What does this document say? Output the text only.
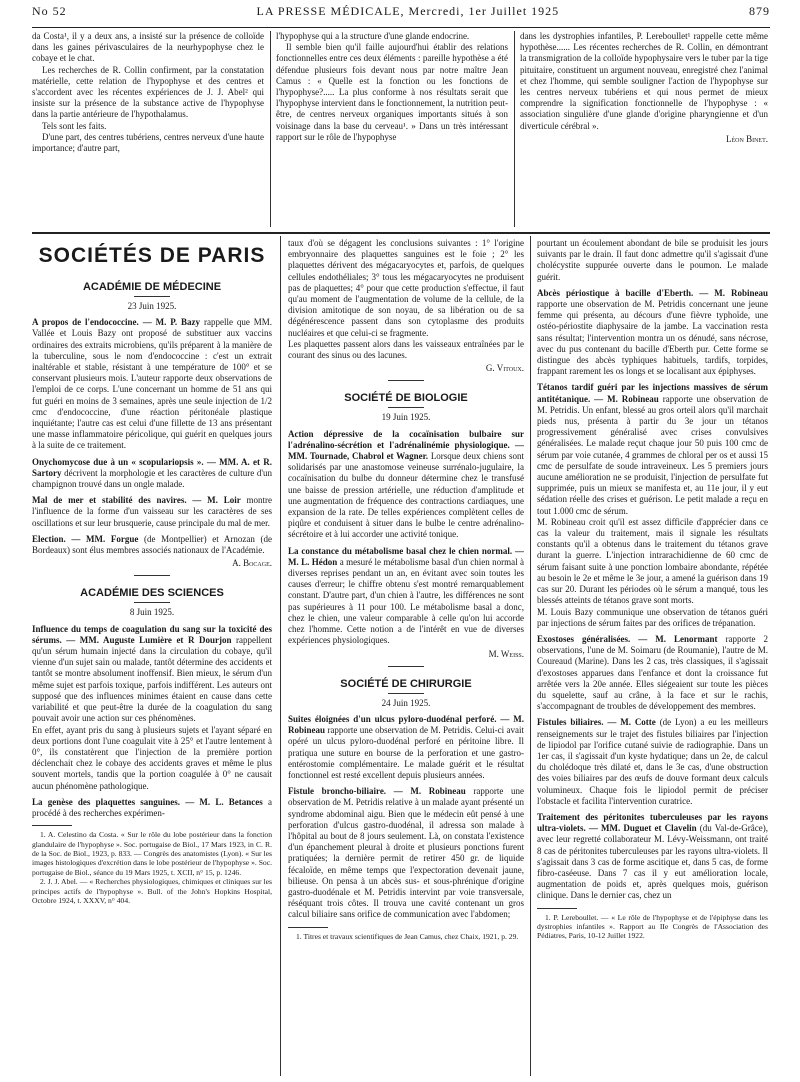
No 52	LA PRESSE MÉDICALE, Mercredi, 1er Juillet 1925	879

da Costa¹, il y a deux ans, a insisté sur la présence de colloïde dans les gaines périvasculaires de la neurhypophyse chez le cobaye et le chat.

Les recherches de R. Collin confirment, par la constatation matérielle, cette relation de l'hypophyse et des centres et s'accordent avec les récentes expériences de J. J. Abel² qui insiste sur la présence de la substance active de l'hypophyse dans la partie antérieure de l'hypothalamus.

Tels sont les faits.

D'une part, des centres tubériens, centres nerveux d'une haute importance; d'autre part,

l'hypophyse qui a la structure d'une glande endocrine.

Il semble bien qu'il faille aujourd'hui établir des relations fonctionnelles entre ces deux éléments : pareille hypothèse a été défendue plusieurs fois devant nous par notre maître Jean Camus : « Quelle est la fonction ou les fonctions de l'hypophyse?..... La plus conforme à nos résultats serait que l'hypophyse intervient dans le fonctionnement, la nutrition peut-être, de centres nerveux organiques importants situés à son voisinage dans la base du cerveau¹. » Dans un très intéressant rapport sur le rôle de l'hypophyse

dans les dystrophies infantiles, P. Lereboullet¹ rappelle cette même hypothèse...... Les récentes recherches de R. Collin, en démontrant la transmigration de la colloïde hypophysaire vers le tuber par la tige pituitaire, constituent un argument nouveau, enregistré chez l'animal et chez l'homme, qui semble souligner l'action de l'hypophyse sur les centres nerveux tubériens et qui nous permet de mieux comprendre la signification fonctionnelle de l'hypophyse : « association singulière d'une glande d'origine pharyngienne et d'un diverticule cérébral ».

Léon Binet.
SOCIÉTÉS DE PARIS
ACADÉMIE DE MÉDECINE
23 Juin 1925.

A propos de l'endococcine. — M. P. Bazy rappelle que MM. Vallée et Louis Bazy ont proposé de substituer aux vaccins ordinaires des extraits microbiens, qu'ils préparent à la manière de la tuberculine, sous le nom d'endococcine : c'est un extrait inaltérable et stable, résistant à une température de 100° et se conservant plusieurs mois. L'auteur rapporte deux observations de l'emploi de ce corps. L'une concernant un homme de 51 ans qui fut guéri en moins de 3 semaines, après une seule injection de 1/2 cmc d'endococcine, d'une réaction péritonéale plastique inquiétante; l'autre cas est celui d'une fillette de 13 ans présentant une masse inflammatoire péricolique, qui guérit en quelques jours à la suite de ce traitement.

Onychomycose due à un « scopulariopsis ». — MM. A. et R. Sartory décrivent la morphologie et les caractères de culture d'un champignon trouvé dans un ongle malade.

Mal de mer et stabilité des navires. — M. Loir montre l'influence de la forme d'un vaisseau sur les caractères de ses oscillations et sur leur brusquerie, cause principale du mal de mer.

Election. — MM. Forgue (de Montpellier) et Arnozan (de Bordeaux) sont élus membres associés nationaux de l'Académie.

A. Bocage.
ACADÉMIE DES SCIENCES
8 Juin 1925.

Influence du temps de coagulation du sang sur la toxicité des sérums. — MM. Auguste Lumière et R Dourjon rappellent qu'un sérum humain injecté dans la circulation du cobaye, qu'il vienne d'un sujet sain ou malade, tantôt détermine des accidents et tantôt se montre absolument inoffensif. Bien mieux, le sérum d'un même sujet est parfois toxique, parfois indifférent. Les auteurs ont supposé que des influences minimes étaient en cause dans cette variabilité et que peut-être la durée de la coagulation du sang pouvait avoir une action sur ces phénomènes.
En effet, ayant pris du sang à plusieurs sujets et l'ayant séparé en deux portions dont l'une coagulait vite à 25° et l'autre lentement à 0°, ils constatèrent que l'injection de la première portion déclenchait chez le cobaye des accidents graves et même le plus souvent mortels, tandis que la portion coagulée à 0° ne causait aucun phénomène pathologique.

La genèse des plaquettes sanguines. — M. L. Betances a procédé à des recherches expérimen-

1. A. Celestino da Costa. « Sur le rôle du lobe postérieur dans la fonction glandulaire de l'hypophyse ». Soc. portugaise de Biol., 17 Mars 1923, in C. R. de la Soc. de Biol., 1923, p. 833. — Congrès des anatomistes (Lyon). « Sur les images histologiques d'excrétion dans le lobe postérieur de l'hypophyse ». Soc. portugaise de Biol., séance du 19 Mars 1925, t. XCII, n° 15, p. 1246.

2. J. J. Abel. — « Recherches physiologiques, chimiques et cliniques sur les principes actifs de l'hypophyse ». Bull. of the John's Hopkins Hospital, Octobre 1924, t. XXXV, n° 404.

taux d'où se dégagent les conclusions suivantes : 1° l'origine embryonnaire des plaquettes sanguines est le foie ; 2° les plaquettes dérivent des mégacaryocytes et, parfois, de quelques cellules endothéliales; 3° tous les mégacaryocytes ne produisent pas de plaquettes; 4° pour que cette production s'effectue, il faut qu'au moment de l'augmentation de volume de la cellule, de la division amitotique de son noyau, de sa libération ou de sa dégénérescence passent dans son cytoplasme des produits nucléaires et que celui-ci se fragmente.
Les plaquettes passent alors dans les vaisseaux entraînées par le courant des sinus ou des lacunes.

G. Vitoux.
SOCIÉTÉ DE BIOLOGIE
19 Juin 1925.

Action dépressive de la cocaïnisation bulbaire sur l'adrénalino-sécrétion et l'adrénalinémie physiologique. — MM. Tournade, Chabrol et Wagner. Lorsque deux chiens sont solidarisés par une anastomose veineuse surrénalo-jugulaire, la cocaïnisation du bulbe du donneur détermine chez le transfusé une baisse de pression artérielle, une réduction d'amplitude et une augmentation de fréquence des contractions cardiaques, une expansion de la rate. De telles expériences complètent celles de piqûre et conduisent à situer dans le bulbe le centre adrénalino-sécrétoire et à lui accorder une activité tonique.

La constance du métabolisme basal chez le chien normal. — M. L. Hédon a mesuré le métabolisme basal d'un chien normal à diverses reprises pendant un an, en évitant avec soin toutes les causes d'erreur; le chiffre obtenu s'est montré remarquablement constant. D'autre part, d'un chien à l'autre, les différences ne sont pas supérieures à 11 pour 100. Le métabolisme basal a donc, chez le chien, une valeur comparable à celle qu'on lui accorde chez l'homme. Cette notion a de l'intérêt en vue de diverses expériences physiologiques.

M. Weiss.
SOCIÉTÉ DE CHIRURGIE
24 Juin 1925.

Suites éloignées d'un ulcus pyloro-duodénal perforé. — M. Robineau rapporte une observation de M. Petridis. Celui-ci avait opéré un ulcus pyloro-duodénal perforé en péritoine libre. Il pratiqua une suture en bourse de la perforation et une gastro-entérostomie complémentaire. Le malade guérit et le résultat fonctionnel est resté excellent depuis plusieurs années.

Fistule broncho-biliaire. — M. Robineau rapporte une observation de M. Petridis relative à un malade ayant présenté un syndrome abdominal aigu. Bien que le médecin eût pensé à une perforation d'ulcus gastro-duodénal, il adressa son malade à l'hôpital au bout de 8 jours seulement. Là, on constata l'existence d'un épanchement pleural à droite et plusieurs ponctions furent pratiquées; la dernière permit de retirer 450 gr. de liquide fécaloïde, en même temps que l'expectoration devenait jaune, bilieuse. On pensa à un abcès sus- et sous-phrénique d'origine gastro-duodénale et M. Petridis intervint par voie transversale, réséquant trois côtes. Il trouva une cavité contenant un gros calcul biliaire sans orifice de communication avec l'abdomen;

1. Titres et travaux scientifiques de Jean Camus, chez Chaix, 1921, p. 29.

pourtant un écoulement abondant de bile se produisit les jours suivants par le drain. Il faut donc admettre qu'il s'agissait d'une cholécystite suppurée ouverte dans le poumon. Le malade guérit.

Abcès périostique à bacille d'Eberth. — M. Robineau rapporte une observation de M. Petridis concernant une jeune femme qui présenta, au décours d'une fièvre typhoïde, une ostéo-périostite diaphysaire de la jambe. La vaccination resta sans résultat; l'intervention montra un os dénudé, sans nécrose, avec du pus contenant du bacille d'Eberth pur. Cette forme se distingue des abcès typhiques habituels, tardifs, torpides, frappant rarement les os longs et se localisant aux épiphyses.

Tétanos tardif guéri par les injections massives de sérum antitétanique. — M. Robineau rapporte une observation de M. Petridis. Un enfant, blessé au gros orteil alors qu'il marchait pieds nus, présenta à partir du 3e jour un tétanos progressivement généralisé avec crises convulsives généralisées. Le malade reçut chaque jour 50 puis 100 cmc de sérum par voie cutanée, 4 grammes de chloral per os et aussi 15 cmc de persulfate de soude intraveineux. Les 5 premiers jours aucune amélioration ne se produisit, l'injection de persulfate fut supprimée, puis un mieux se manifesta et, au 11e jour, il y eut sédation réelle des crises et guérison. Le petit malade a reçu en tout 1.000 cmc de sérum.
M. Robineau croit qu'il est assez difficile d'apprécier dans ce cas la valeur du traitement, mais il signale les résultats constants qu'il a obtenus dans le traitement du tétanos grave durant la guerre. L'injection intrarachidienne de 60 cmc de sérum faisant suite à une ponction lombaire abondante, répétée au besoin le 2e et même le 3e jour, a amené la guérison dans 19 cas sur 20. Durant les périodes où le sérum a manqué, tous les blessés atteints de tétanos grave sont morts.
M. Louis Bazy communique une observation de tétanos guéri par injections de sérum faites par des orifices de trépanation.

Exostoses généralisées. — M. Lenormant rapporte 2 observations, l'une de M. Soimaru (de Roumanie), l'autre de M. Coureaud (Marine). Dans les 2 cas, très classiques, il s'agissait d'exostoses apparues dans l'enfance et dont la croissance fut arrêtée vers la 20e année. Elles siégeaient sur toute les pièces du squelette, sauf au crâne, à la face et sur le rachis, s'accompagnant de troubles de développement des membres.

Fistules biliaires. — M. Cotte (de Lyon) a eu les meilleurs renseignements sur le trajet des fistules biliaires par l'injection de lipiodol par l'orifice cutané suivie de radiographie. Dans un 1er cas, il s'agissait d'un kyste hydatique; dans un 2e, de calcul du cholédoque très dilaté et, dans le 3e cas, d'une obstruction des voies biliaires par des œufs de douve formant deux calculs volumineux. Chaque fois le lipiodol permit de préciser l'obstacle et facilita l'intervention curatrice.

Traitement des péritonites tuberculeuses par les rayons ultra-violets. — MM. Duguet et Clavelin (du Val-de-Grâce), avec leur regretté collaborateur M. Lévy-Weissmann, ont traité 8 cas de péritonites tuberculeuses par les rayons ultra-violets. Il s'agissait dans 3 cas de forme ascitique et, dans 5 cas, de forme fibro-caséeuse. Dans 7 cas il y eut amélioration locale, augmentation de poids et, après quelques mois, guérison clinique. Dans le dernier cas, chez un

1. P. Lereboullet. — « Le rôle de l'hypophyse et de l'épiphyse dans les dystrophies infantiles ». Rapport au IIe Congrès de l'Association des Pédiatres, Paris, 10-12 Juillet 1922.
